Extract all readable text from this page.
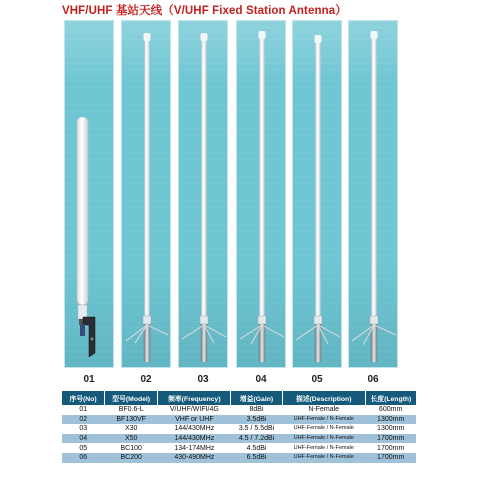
VHF/UHF 基站天线（V/UHF Fixed Station Antenna）
01	02	03	04	05	06
序号(No)	型号(Model)	频率(Frequency)	增益(Gain)	描述(Description)	长度(Length)
01	BF0.6-L	V/UHF/WIFI/4G	8dBi	N-Female	600mm
02	BF130VF	VHF or UHF	3.5dBi	UHF-Female / N-Female	1300mm
03	X30	144/430MHz	3.5 / 5.5dBi	UHF-Female / N-Female	1300mm
04	X50	144/430MHz	4.5 / 7.2dBi	UHF-Female / N-Female	1700mm
05	BC100	134-174MHz	4.5dBi	UHF-Female / N-Female	1700mm
06	BC200	430-490MHz	6.5dBi	UHF-Female / N-Female	1700mm
